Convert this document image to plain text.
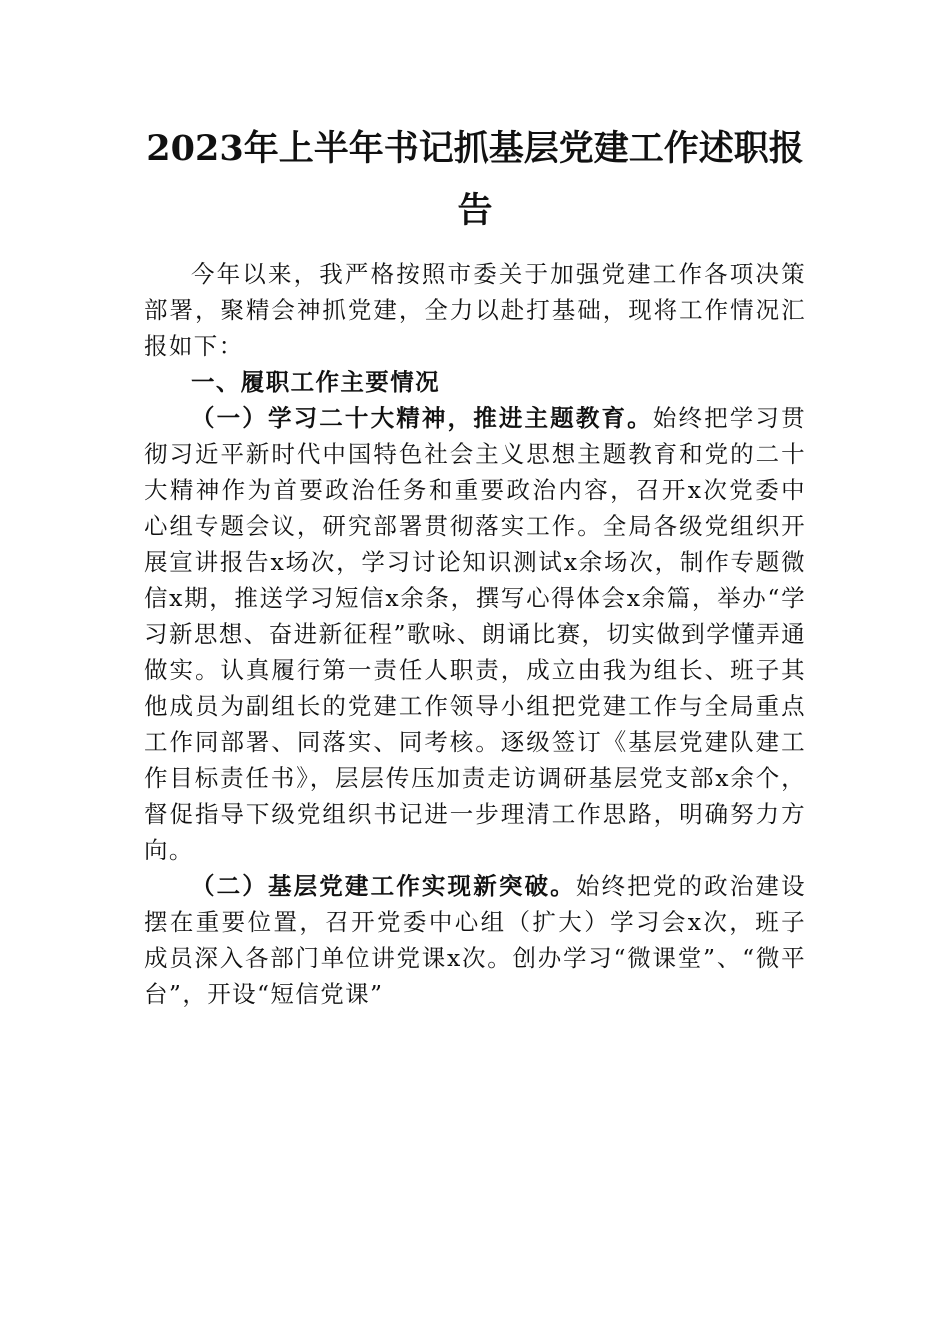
2023年上半年书记抓基层党建工作述职报告

今年以来，我严格按照市委关于加强党建工作各项决策部署，聚精会神抓党建，全力以赴打基础，现将工作情况汇报如下：

一、履职工作主要情况

（一）学习二十大精神，推进主题教育。始终把学习贯彻习近平新时代中国特色社会主义思想主题教育和党的二十大精神作为首要政治任务和重要政治内容，召开x次党委中心组专题会议，研究部署贯彻落实工作。全局各级党组织开展宣讲报告x场次，学习讨论知识测试x余场次，制作专题微信x期，推送学习短信x余条，撰写心得体会x余篇，举办“学习新思想、奋进新征程”歌咏、朗诵比赛，切实做到学懂弄通做实。认真履行第一责任人职责，成立由我为组长、班子其他成员为副组长的党建工作领导小组把党建工作与全局重点工作同部署、同落实、同考核。逐级签订《基层党建队建工作目标责任书》，层层传压加责走访调研基层党支部x余个，督促指导下级党组织书记进一步理清工作思路，明确努力方向。

（二）基层党建工作实现新突破。始终把党的政治建设摆在重要位置，召开党委中心组（扩大）学习会x次，班子成员深入各部门单位讲党课x次。创办学习“微课堂”、“微平台”，开设“短信党课”
